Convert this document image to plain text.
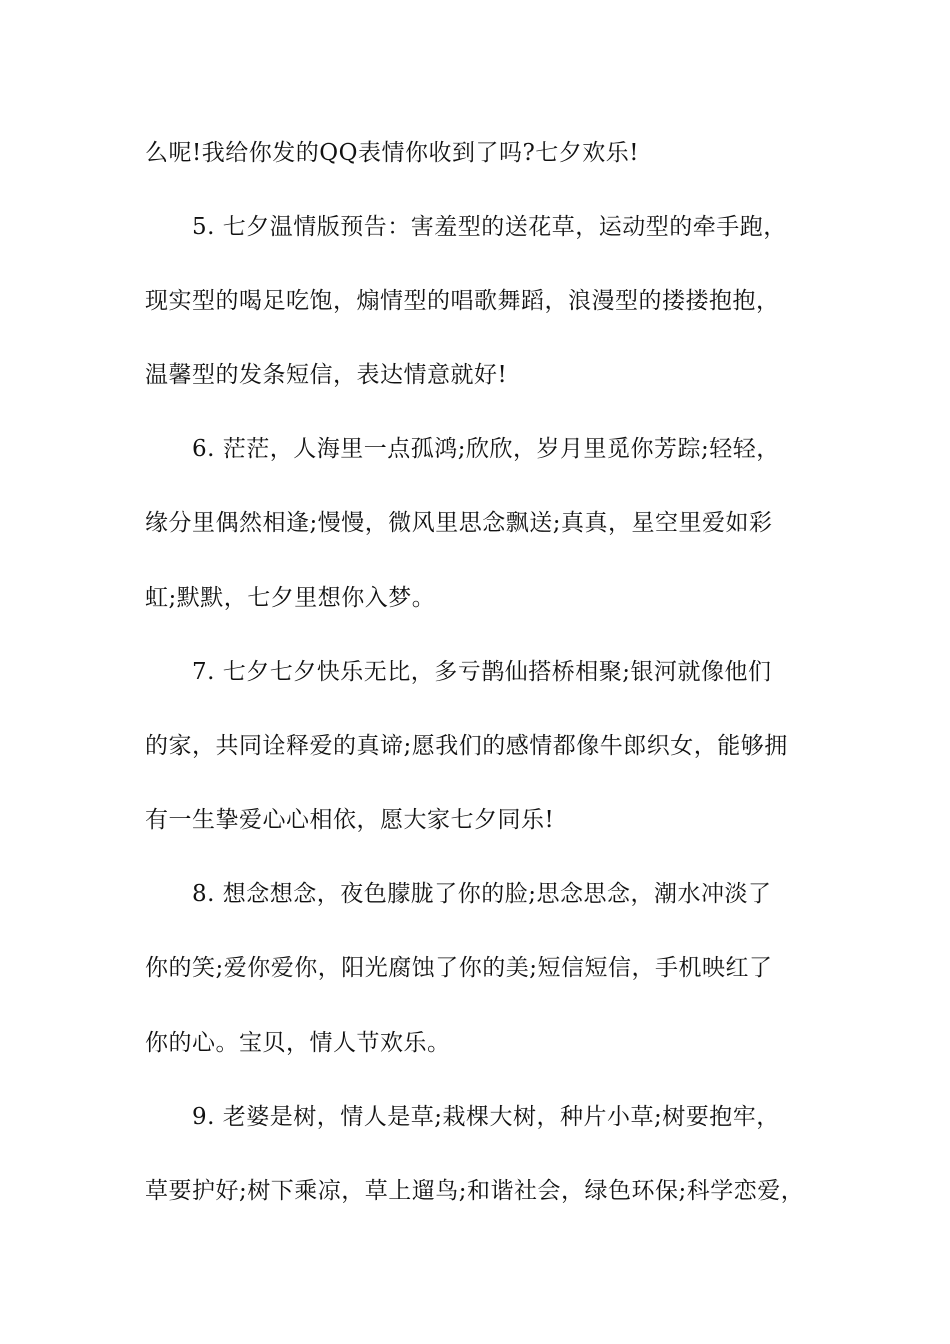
么呢!我给你发的QQ表情你收到了吗?七夕欢乐!
5. 七夕温情版预告：害羞型的送花草，运动型的牵手跑，
现实型的喝足吃饱，煽情型的唱歌舞蹈，浪漫型的搂搂抱抱，
温馨型的发条短信，表达情意就好!
6. 茫茫，人海里一点孤鸿;欣欣，岁月里觅你芳踪;轻轻，
缘分里偶然相逢;慢慢，微风里思念飘送;真真，星空里爱如彩
虹;默默，七夕里想你入梦。
7. 七夕七夕快乐无比，多亏鹊仙搭桥相聚;银河就像他们
的家，共同诠释爱的真谛;愿我们的感情都像牛郎织女，能够拥
有一生挚爱心心相依，愿大家七夕同乐!
8. 想念想念，夜色朦胧了你的脸;思念思念，潮水冲淡了
你的笑;爱你爱你，阳光腐蚀了你的美;短信短信，手机映红了
你的心。宝贝，情人节欢乐。
9. 老婆是树，情人是草;栽棵大树，种片小草;树要抱牢，
草要护好;树下乘凉，草上遛鸟;和谐社会，绿色环保;科学恋爱，
